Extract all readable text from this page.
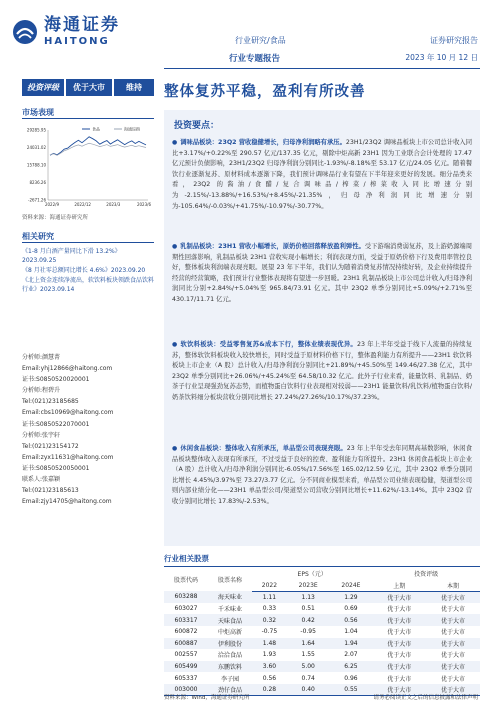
海通证券
HAITONG	行业研究/食品
行业专题报告
证券研究报告
2023 年 10 月 12 日
投资评级	优于大市	维持	整体复苏平稳，盈利有所改善
市场表现
-2671.26
8236.26
15788.10
24031.02
29285.95
2022/9	2022/12	2023/3	2023/6
食品	海通综指
资料来源：海通证券研究所
相关研究
《1-8 月白酒产量同比下滑 13.2%》2023.09.25
《8 月社零总额同比增长 4.6%》2023.09.20
《北上资金连续净流出，软饮料板块领跌食品饮料行业》2023.09.14
分析师:颜慧菁
Email:yhj12866@haitong.com
证书:S0850520020001
分析师:程碧升
Tel:(021)23185685
Email:cbs10969@haitong.com
证书:S0850522070001
分析师:张宇轩
Tel:(021)23154172
Email:zyx11631@haitong.com
证书:S0850520050001
联系人:张嘉颖
Tel:(021)23185613
Email:zjy14705@haitong.com
投资要点：
● 调味品板块：23Q2 营收稳健增长，归母净利润略有承压。23H1/23Q2 调味品板块上市公司总计收入同比+3.17%/+0.22%至 290.57 亿元/137.35 亿元，剔除中炬高新 23H1 因为工业联合会计处理的 17.47 亿元预计负债影响，23H1/23Q2 归母净利润分别同比-1.93%/-8.18%至 53.17 亿元/24.05 亿元。随着餐饮行业逐渐复苏、原材料成本逐渐下降，我们预计调味品行业有望在下半年迎来更好的发展。细分品类来看，23Q2 的酱油/食醋/复合调味品/榨菜/榨菜收入同比增速分别为-2.15%/-13.88%/+16.53%/+8.45%/-21.35%，归母净利润同比增速分别为-105.64%/-0.03%/+41.75%/-10.97%/-30.77%。
● 乳制品板块：23H1 营收小幅增长，原奶价格回落释放盈利弹性。受下游端消费弱复苏，及上游奶源端周期性回落影响，乳制品板块 23H1 营收实现小幅增长；利润表现方面，受益于原奶价格下行及费用率管控良好，整体板块利润端表现亮眼。展望 23 年下半年，我们认为随着消费复苏情况持续好转，及企业持续提升经营的经营策略，我们预计行业整体表现将有望进一步回暖。23H1 乳制品板块上市公司总计收入/归母净利润同比分别+2.84%/+5.04%至 965.84/73.91 亿元。其中 23Q2 单季分别同比+5.09%/+2.71%至 430.17/11.71 亿元。
● 软饮料板块：受益零售复苏&成本下行，整体业绩表现优异。23 年上半年受益于线下人流量的持续复苏，整体软饮料板块收入较快增长，同时受益于原材料价格下行，整体盈利能力有所提升——23H1 软饮料板块上市企业（A 股）总计收入/归母净利润分别同比+21.89%/+45.50%至 149.46/27.38 亿元，其中 23Q2 单季分别同比+26.06%/+45.24%至 64.58/10.32 亿元。此外子行业来看，能量饮料、乳制品、奶茶子行业呈现强劲复苏态势，而植物蛋白饮料行业表现相对较弱——23H1 能量饮料/乳饮料/植物蛋白饮料/奶茶饮料细分板块营收分别同比增长 27.24%/27.26%/10.17%/37.23%。
● 休闲食品板块：整体收入有所承压，单品型公司表现亮眼。23 年上半年受去年同期高基数影响，休闲食品板块整体收入表现有所承压，不过受益于良好的控费、盈利能力有所提升。23H1 休闲食品板块上市企业（A 股）总计收入/归母净利润分别同比-6.05%/17.56%至 165.02/12.59 亿元，其中 23Q2 单季分别同比增长 4.45%/3.97%至 73.27/3.77 亿元。分不同商业模型来看，单品型公司业绩表现稳健，渠道型公司则内部业绩分化——23H1 单品型公司/渠道型公司营收分别同比增长+11.62%/-13.14%。其中 23Q2 营收分别同比增长 17.83%/-2.53%。
行业相关股票
股票代码	股票名称	EPS（元）			投资评级	
		2022	2023E	2024E	上期	本期
603288	海天味业	1.11	1.13	1.29	优于大市	优于大市
603027	千禾味业	0.33	0.51	0.69	优于大市	优于大市
603317	天味食品	0.32	0.42	0.56	优于大市	优于大市
600872	中炬高新	-0.75	-0.95	1.04	优于大市	优于大市
600887	伊利股份	1.48	1.64	1.94	优于大市	优于大市
002557	洽洽食品	1.93	1.55	2.07	优于大市	优于大市
605499	东鹏饮料	3.60	5.00	6.25	优于大市	优于大市
605337	李子园	0.56	0.74	0.96	优于大市	优于大市
003000	劲仔食品	0.28	0.40	0.55	优于大市	优于大市
资料来源：Wind，海通证券研究所	请务必阅读正文之后的信息披露和法律声明
